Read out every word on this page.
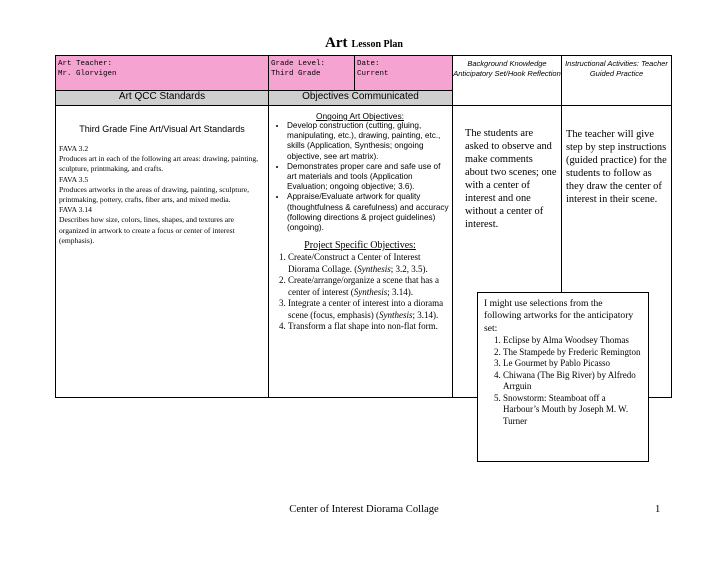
Art Lesson Plan
Art Teacher:
Mr. Glorvigen
Grade Level:
Third Grade
Date:
Current
Art QCC Standards	Objectives Communicated
Third Grade Fine Art/Visual Art Standards
FAVA 3.2
Produces art in each of the following art areas: drawing, painting, sculpture, printmaking, and crafts.
FAVA 3.5
Produces artworks in the areas of drawing, painting, sculpture, printmaking, pottery, crafts, fiber arts, and mixed media.
FAVA 3.14
Describes how size, colors, lines, shapes, and textures are organized in artwork to create a focus or center of interest (emphasis).
Ongoing Art Objectives:
• Develop construction (cutting, gluing, manipulating, etc.), drawing, painting, etc., skills (Application, Synthesis; ongoing objective, see art matrix).
• Demonstrates proper care and safe use of art materials and tools (Application Evaluation; ongoing objective; 3.6).
• Appraise/Evaluate artwork for quality (thoughtfulness & carefulness) and accuracy (following directions & project guidelines) (ongoing).
Project Specific Objectives:
1. Create/Construct a Center of Interest Diorama Collage. (Synthesis; 3.2, 3.5).
2. Create/arrange/organize a scene that has a center of interest (Synthesis; 3.14).
3. Integrate a center of interest into a diorama scene (focus, emphasis) (Synthesis; 3.14).
4. Transform a flat shape into non-flat form.
Background Knowledge Anticipatory Set/Hook Reflection
Instructional Activities: Teacher Guided Practice
The students are asked to observe and make comments about two scenes; one with a center of interest and one without a center of interest.
The teacher will give step by step instructions (guided practice) for the students to follow as they draw the center of interest in their scene.
I might use selections from the following artworks for the anticipatory set:
1. Eclipse by Alma Woodsey Thomas
2. The Stampede by Frederic Remington
3. Le Gourmet by Pablo Picasso
4. Chiwana (The Big River) by Alfredo Arrguin
5. Snowstorm: Steamboat off a Harbour’s Mouth by Joseph M. W. Turner
Center of Interest Diorama Collage	1
